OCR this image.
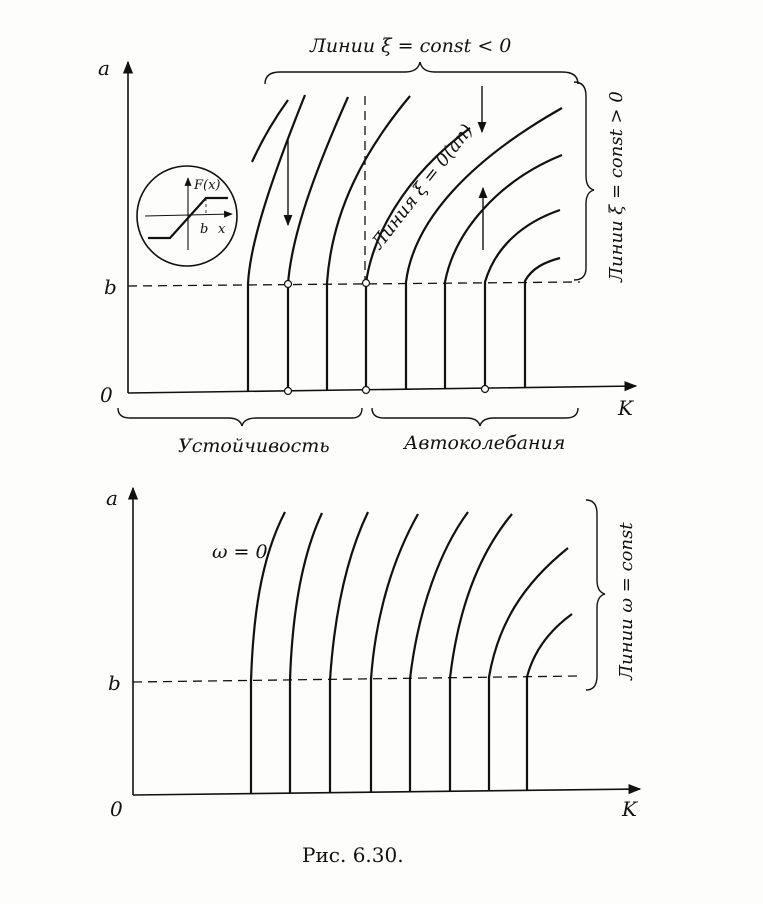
a
K
0
b
Линии ξ = const < 0
Линии ξ = const > 0
Линия ξ = 0(aп)
Устойчивость	Автоколебания
F(x)
b x
a
K
0
b
ω = 0	Линии ω = const
Рис. 6.30.
